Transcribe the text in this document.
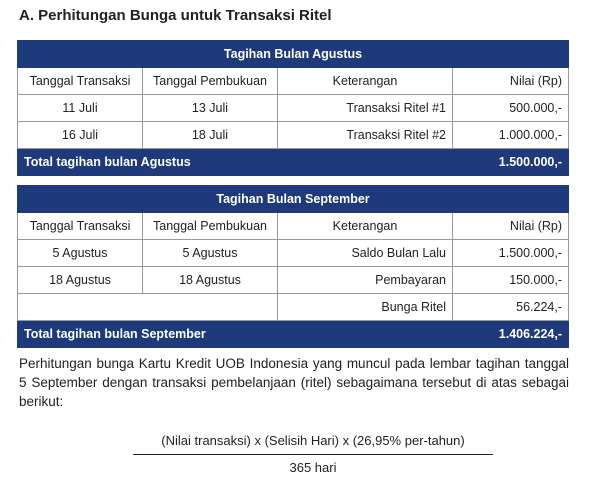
A. Perhitungan Bunga untuk Transaksi Ritel
Tagihan Bulan Agustus			
Tanggal Transaksi	Tanggal Pembukuan	Keterangan	Nilai (Rp)
11 Juli	13 Juli	Transaksi Ritel #1	500.000,-
16 Juli	18 Juli	Transaksi Ritel #2	1.000.000,-
Total tagihan bulan Agustus			1.500.000,-
Tagihan Bulan September			
Tanggal Transaksi	Tanggal Pembukuan	Keterangan	Nilai (Rp)
5 Agustus	5 Agustus	Saldo Bulan Lalu	1.500.000,-
18 Agustus	18 Agustus	Pembayaran	150.000,-
		Bunga Ritel	56.224,-
Total tagihan bulan September			1.406.224,-
Perhitungan bunga Kartu Kredit UOB Indonesia yang muncul pada lembar tagihan tanggal 5 September dengan transaksi pembelanjaan (ritel) sebagaimana tersebut di atas sebagai berikut:
(Nilai transaksi) x (Selisih Hari) x (26,95% per-tahun)
365 hari
